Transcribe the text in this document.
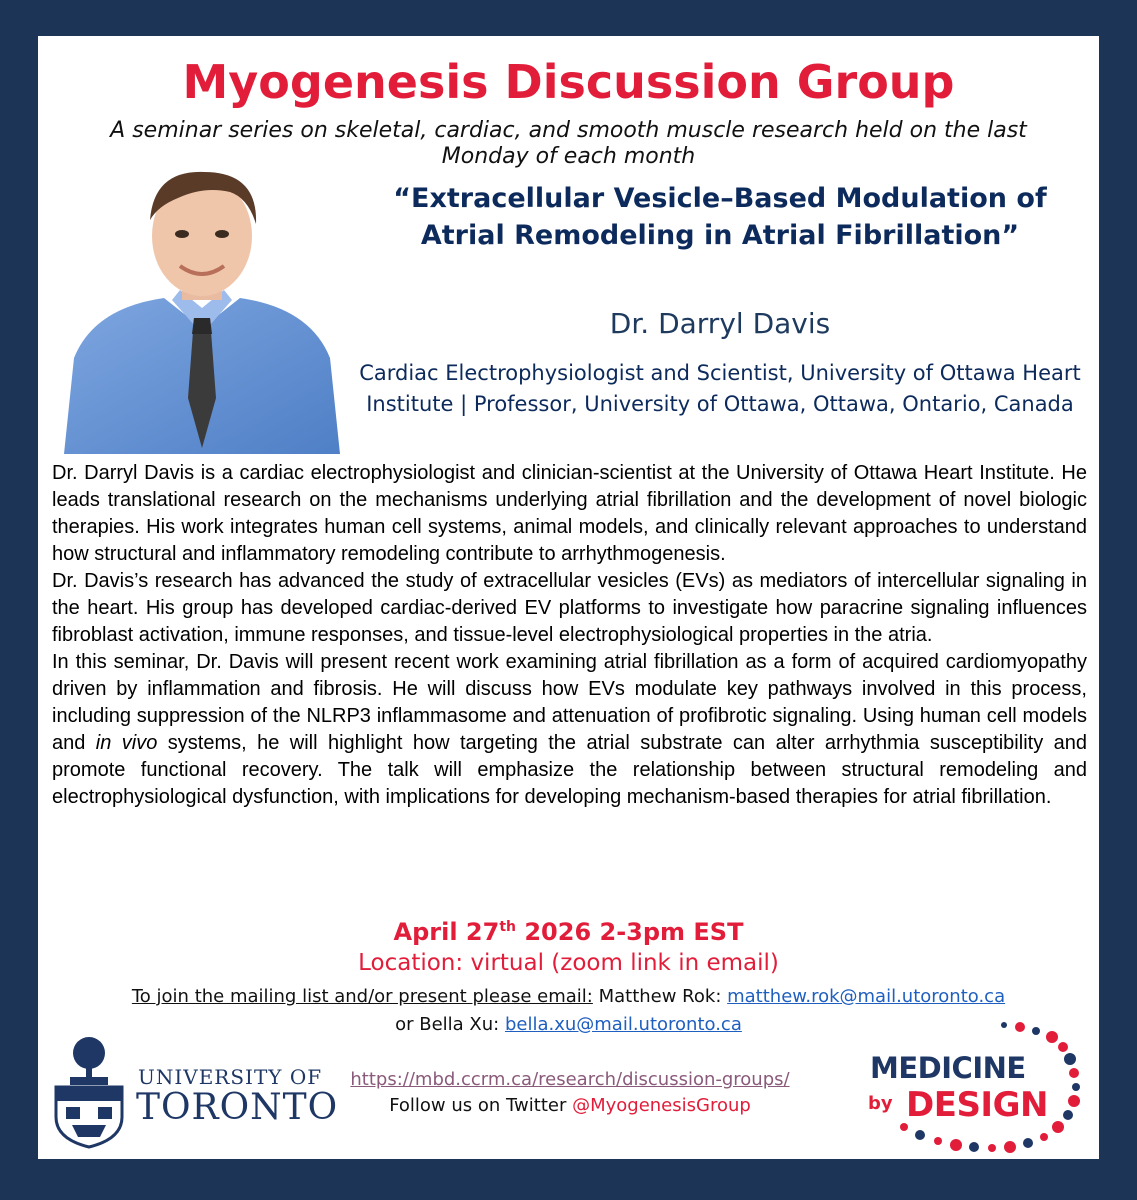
Myogenesis Discussion Group
A seminar series on skeletal, cardiac, and smooth muscle research held on the last Monday of each month
“Extracellular Vesicle–Based Modulation of Atrial Remodeling in Atrial Fibrillation”
Dr. Darryl Davis
Cardiac Electrophysiologist and Scientist, University of Ottawa Heart Institute | Professor, University of Ottawa, Ottawa, Ontario, Canada

Dr. Darryl Davis is a cardiac electrophysiologist and clinician-scientist at the University of Ottawa Heart Institute. He leads translational research on the mechanisms underlying atrial fibrillation and the development of novel biologic therapies. His work integrates human cell systems, animal models, and clinically relevant approaches to understand how structural and inflammatory remodeling contribute to arrhythmogenesis.

Dr. Davis’s research has advanced the study of extracellular vesicles (EVs) as mediators of intercellular signaling in the heart. His group has developed cardiac-derived EV platforms to investigate how paracrine signaling influences fibroblast activation, immune responses, and tissue-level electrophysiological properties in the atria.

In this seminar, Dr. Davis will present recent work examining atrial fibrillation as a form of acquired cardiomyopathy driven by inflammation and fibrosis. He will discuss how EVs modulate key pathways involved in this process, including suppression of the NLRP3 inflammasome and attenuation of profibrotic signaling. Using human cell models and in vivo systems, he will highlight how targeting the atrial substrate can alter arrhythmia susceptibility and promote functional recovery. The talk will emphasize the relationship between structural remodeling and electrophysiological dysfunction, with implications for developing mechanism-based therapies for atrial fibrillation.

April 27th 2026 2-3pm EST
Location: virtual (zoom link in email)
To join the mailing list and/or present please email: Matthew Rok: matthew.rok@mail.utoronto.ca
or Bella Xu: bella.xu@mail.utoronto.ca
UNIVERSITY OF
TORONTO
https://mbd.ccrm.ca/research/discussion-groups/
Follow us on Twitter @MyogenesisGroup
MEDICINE
by DESIGN
